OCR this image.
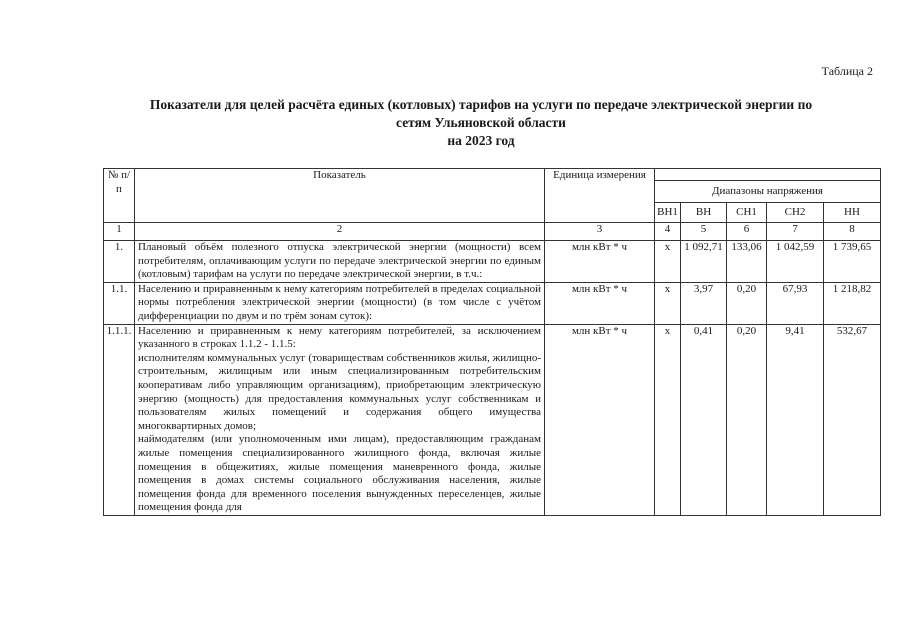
Таблица 2
Показатели для целей расчёта единых (котловых) тарифов на услуги по передаче электрической энергии по
сетям Ульяновской области
на 2023 год
№ п/п	Показатель	Единица измерения					
			Диапазоны напряжения				
			ВН1	ВН	СН1	СН2	НН
1	2	3	4	5	6	7	8
1.	Плановый объём полезного отпуска электрической энергии (мощности) всем потребителям, оплачивающим услуги по передаче электрической энергии по единым (котловым) тарифам на услуги по передаче электрической энергии, в т.ч.:	млн кВт * ч	х	1 092,71	133,06	1 042,59	1 739,65
1.1.	Населению и приравненным к нему категориям потребителей в пределах социальной нормы потребления электрической энергии (мощности) (в том числе с учётом дифференциации по двум и по трём зонам суток):	млн кВт * ч	х	3,97	0,20	67,93	1 218,82
1.1.1.	Населению и приравненным к нему категориям потребителей, за исключением указанного в строках 1.1.2 - 1.1.5:
исполнителям коммунальных услуг (товариществам собственников жилья, жилищно-строительным, жилищным или иным специализированным потребительским кооперативам либо управляющим организациям), приобретающим электрическую энергию (мощность) для предоставления коммунальных услуг собственникам и пользователям жилых помещений и содержания общего имущества многоквартирных домов;
наймодателям (или уполномоченным ими лицам), предоставляющим гражданам жилые помещения специализированного жилищного фонда, включая жилые помещения в общежитиях, жилые помещения маневренного фонда, жилые помещения в домах системы социального обслуживания населения, жилые помещения фонда для временного поселения вынужденных переселенцев, жилые помещения фонда для	млн кВт * ч	х	0,41	0,20	9,41	532,67
